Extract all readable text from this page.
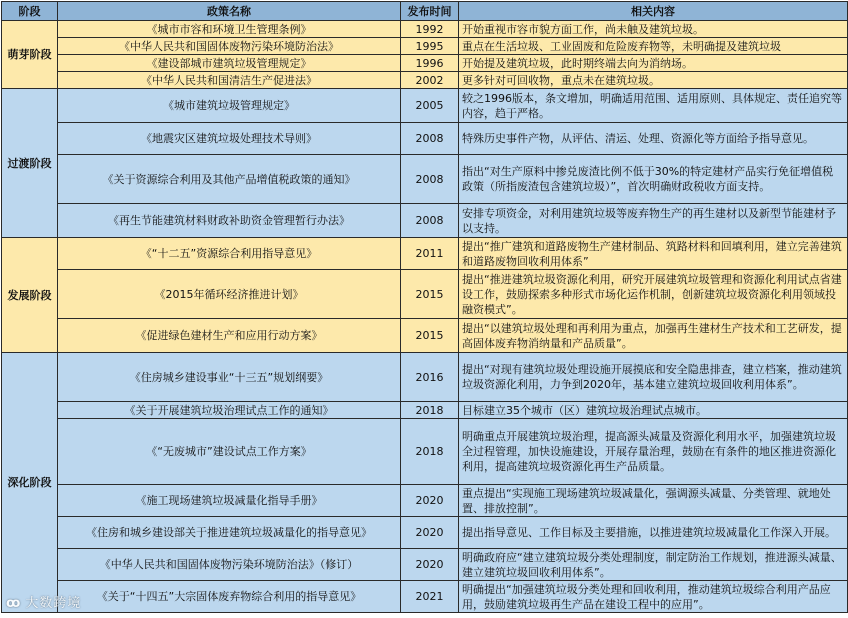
阶段	政策名称	发布时间	相关内容
萌芽阶段	《城市市容和环境卫生管理条例》	1992	开始重视市容市貌方面工作，尚未触及建筑垃圾。
	《中华人民共和国固体废物污染环境防治法》	1995	重点在生活垃圾、工业固废和危险废弃物等，未明确提及建筑垃圾
	《建设部城市建筑垃圾管理规定》	1996	开始提及建筑垃圾，此时期终端去向为消纳场。
	《中华人民共和国清洁生产促进法》	2002	更多针对可回收物，重点未在建筑垃圾。
过渡阶段	《城市建筑垃圾管理规定》	2005	较之1996版本，条文增加，明确适用范围、适用原则、具体规定、责任追究等内容，趋于严格。
	《地震灾区建筑垃圾处理技术导则》	2008	特殊历史事件产物，从评估、清运、处理、资源化等方面给予指导意见。
	《关于资源综合利用及其他产品增值税政策的通知》	2008	指出“对生产原料中掺兑废渣比例不低于30%的特定建材产品实行免征增值税政策（所指废渣包含建筑垃圾）”，首次明确财政税收方面支持。
	《再生节能建筑材料财政补助资金管理暂行办法》	2008	安排专项资金，对利用建筑垃圾等废弃物生产的再生建材以及新型节能建材予以支持。
发展阶段	《“十二五”资源综合利用指导意见》	2011	提出“推广建筑和道路废物生产建材制品、筑路材料和回填利用，建立完善建筑和道路废物回收利用体系”
	《2015年循环经济推进计划》	2015	提出“推进建筑垃圾资源化利用，研究开展建筑垃圾管理和资源化利用试点省建设工作，鼓励探索多种形式市场化运作机制，创新建筑垃圾资源化利用领域投融资模式”。
	《促进绿色建材生产和应用行动方案》	2015	提出“以建筑垃圾处理和再利用为重点，加强再生建材生产技术和工艺研发，提高固体废弃物消纳量和产品质量”。
深化阶段	《住房城乡建设事业“十三五”规划纲要》	2016	提出“对现有建筑垃圾处理设施开展摸底和安全隐患排查，建立档案，推动建筑垃圾资源化利用，力争到2020年，基本建立建筑垃圾回收利用体系”。
	《关于开展建筑垃圾治理试点工作的通知》	2018	目标建立35个城市（区）建筑垃圾治理试点城市。
	《“无废城市”建设试点工作方案》	2018	明确重点开展建筑垃圾治理，提高源头减量及资源化利用水平，加强建筑垃圾全过程管理，加快设施建设，开展存量治理，鼓励在有条件的地区推进资源化利用，提高建筑垃圾资源化再生产品质量。
	《施工现场建筑垃圾减量化指导手册》	2020	重点提出“实现施工现场建筑垃圾减量化，强调源头减量、分类管理、就地处置、排放控制”。
	《住房和城乡建设部关于推进建筑垃圾减量化的指导意见》	2020	提出指导意见、工作目标及主要措施，以推进建筑垃圾减量化工作深入开展。
	《中华人民共和国固体废物污染环境防治法》（修订）	2020	明确政府应“建立建筑垃圾分类处理制度，制定防治工作规划，推进源头减量、建立建筑垃圾回收利用体系”。
	《关于“十四五”大宗固体废弃物综合利用的指导意见》	2021	明确提出“加强建筑垃圾分类处理和回收利用，推动建筑垃圾综合利用产品应用，鼓励建筑垃圾再生产品在建设工程中的应用”。
ꝏ 大数跨境
